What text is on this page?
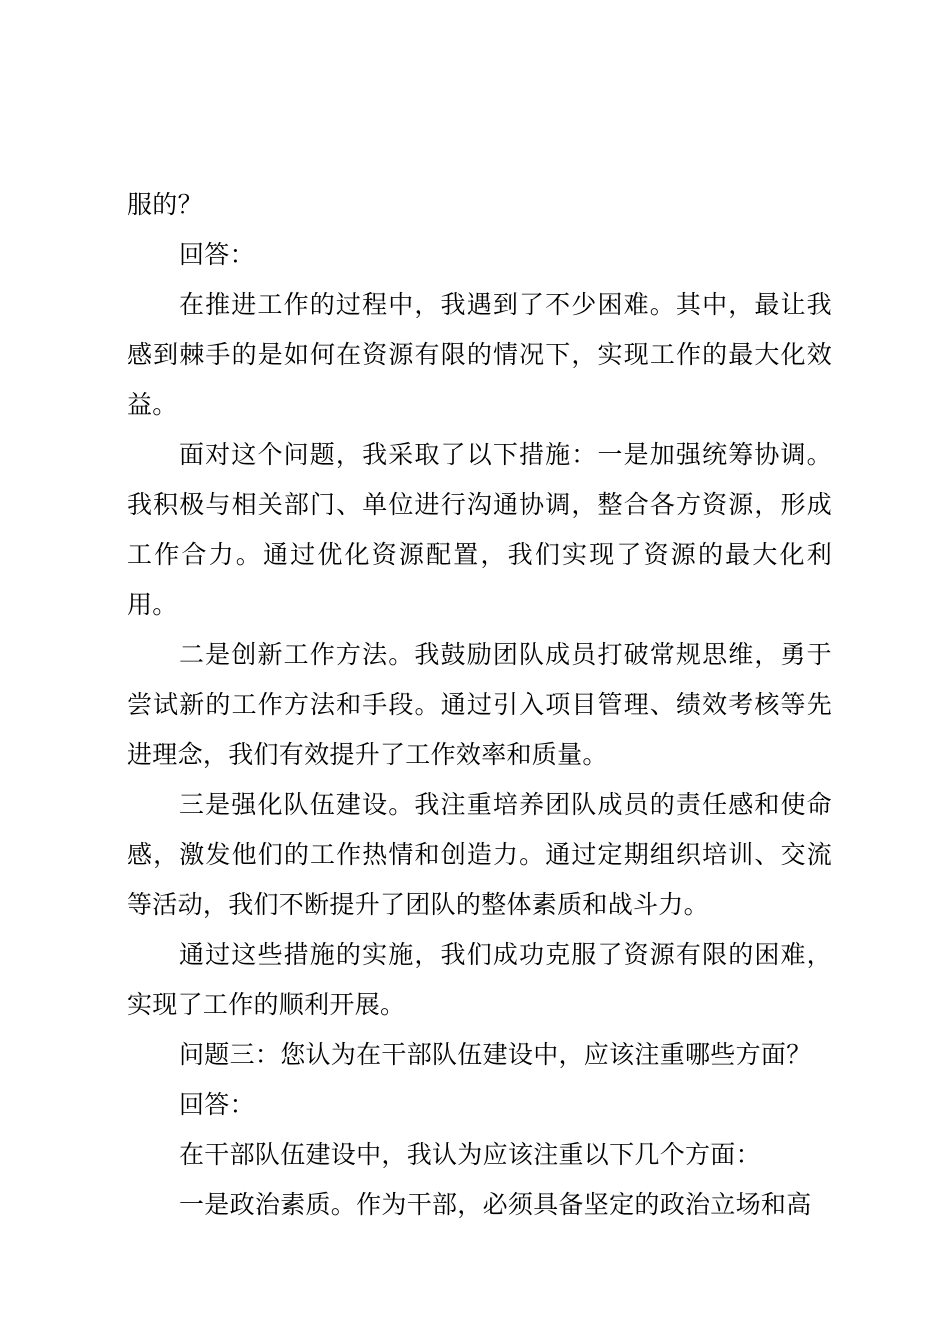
服的？

回答：

在推进工作的过程中，我遇到了不少困难。其中，最让我感到棘手的是如何在资源有限的情况下，实现工作的最大化效益。

面对这个问题，我采取了以下措施：一是加强统筹协调。我积极与相关部门、单位进行沟通协调，整合各方资源，形成工作合力。通过优化资源配置，我们实现了资源的最大化利用。

二是创新工作方法。我鼓励团队成员打破常规思维，勇于尝试新的工作方法和手段。通过引入项目管理、绩效考核等先进理念，我们有效提升了工作效率和质量。

三是强化队伍建设。我注重培养团队成员的责任感和使命感，激发他们的工作热情和创造力。通过定期组织培训、交流等活动，我们不断提升了团队的整体素质和战斗力。

通过这些措施的实施，我们成功克服了资源有限的困难，实现了工作的顺利开展。

问题三：您认为在干部队伍建设中，应该注重哪些方面？

回答：

在干部队伍建设中，我认为应该注重以下几个方面：

一是政治素质。作为干部，必须具备坚定的政治立场和高
